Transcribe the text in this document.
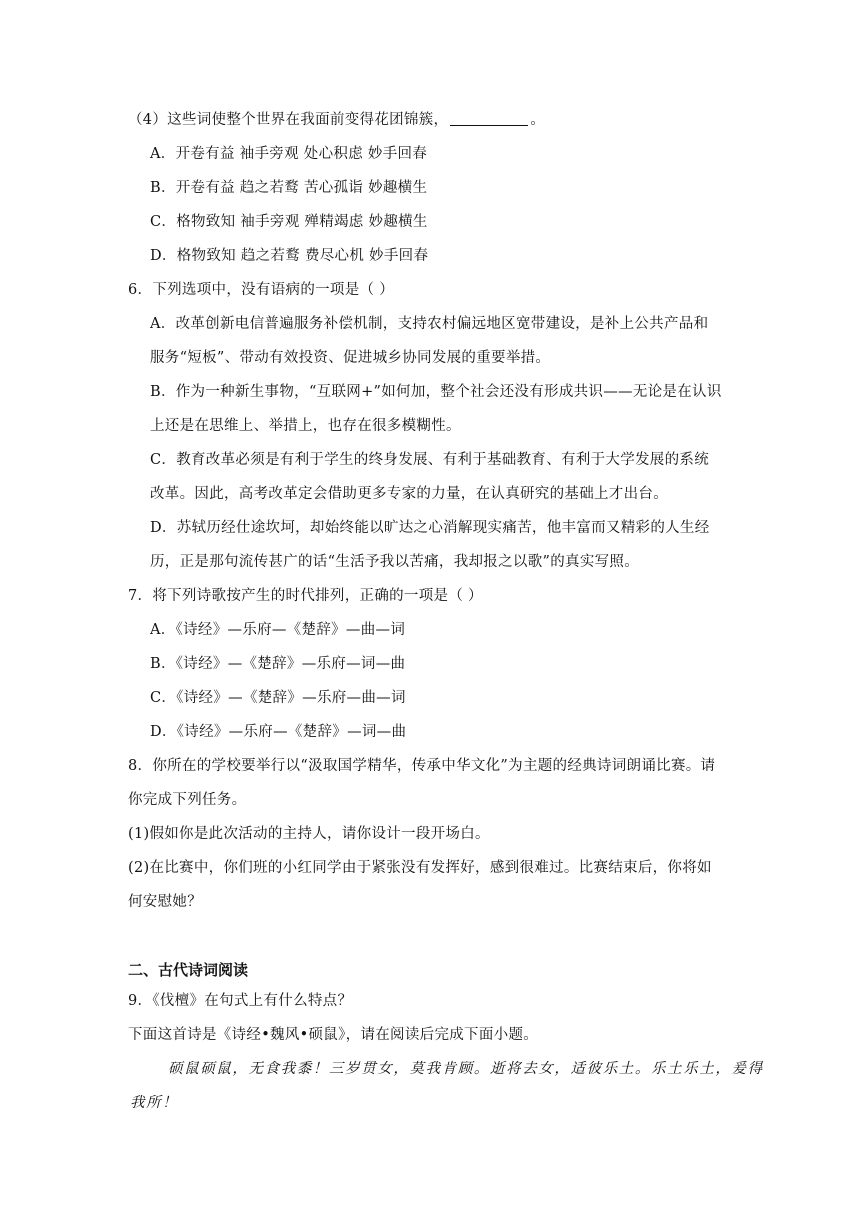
（4）这些词使整个世界在我面前变得花团锦簇，	。
A．开卷有益 袖手旁观 处心积虑 妙手回春
B．开卷有益 趋之若鹜 苦心孤诣 妙趣横生
C．格物致知 袖手旁观 殚精竭虑 妙趣横生
D．格物致知 趋之若鹜 费尽心机 妙手回春
6．下列选项中，没有语病的一项是（ ）
A．改革创新电信普遍服务补偿机制，支持农村偏远地区宽带建设，是补上公共产品和
服务“短板”、带动有效投资、促进城乡协同发展的重要举措。
B．作为一种新生事物，“互联网+”如何加，整个社会还没有形成共识——无论是在认识
上还是在思维上、举措上，也存在很多模糊性。
C．教育改革必须是有利于学生的终身发展、有利于基础教育、有利于大学发展的系统
改革。因此，高考改革定会借助更多专家的力量，在认真研究的基础上才出台。
D．苏轼历经仕途坎坷，却始终能以旷达之心消解现实痛苦，他丰富而又精彩的人生经
历，正是那句流传甚广的话“生活予我以苦痛，我却报之以歌”的真实写照。
7．将下列诗歌按产生的时代排列，正确的一项是（ ）
A．《诗经》—乐府—《楚辞》—曲—词
B．《诗经》—《楚辞》—乐府—词—曲
C．《诗经》—《楚辞》—乐府—曲—词
D．《诗经》—乐府—《楚辞》—词—曲
8．你所在的学校要举行以“汲取国学精华，传承中华文化”为主题的经典诗词朗诵比赛。请
你完成下列任务。
(1)假如你是此次活动的主持人，请你设计一段开场白。
(2)在比赛中，你们班的小红同学由于紧张没有发挥好，感到很难过。比赛结束后，你将如
何安慰她？
二、古代诗词阅读
9．《伐檀》在句式上有什么特点？
下面这首诗是《诗经•魏风•硕鼠》，请在阅读后完成下面小题。
硕鼠硕鼠，无食我黍！三岁贯女，莫我肯顾。逝将去女，适彼乐土。乐土乐土，爰得
我所！
